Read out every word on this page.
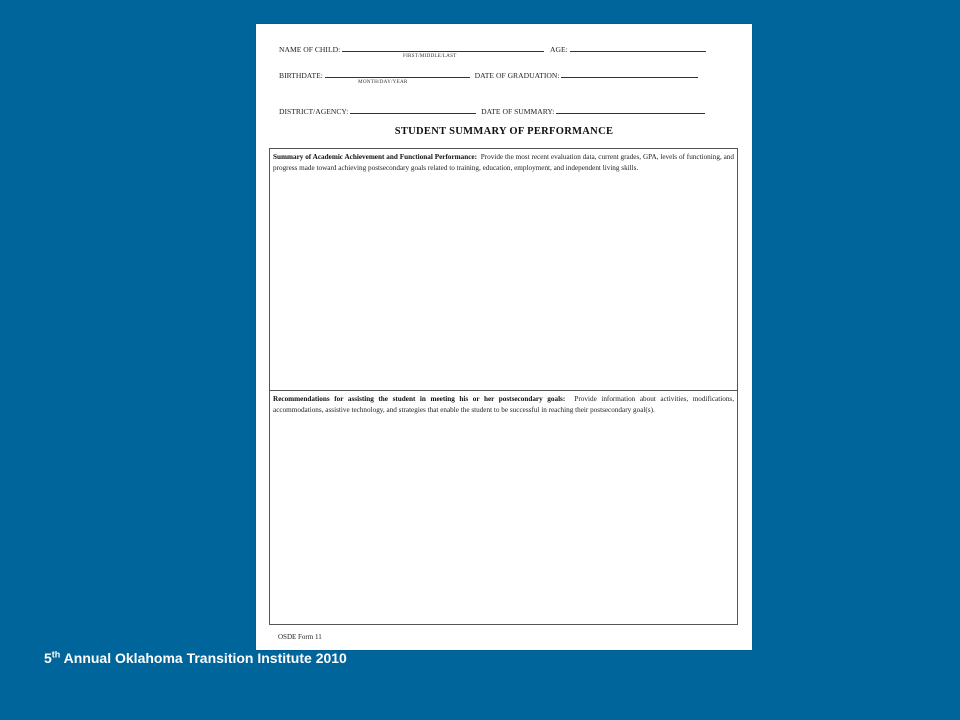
NAME OF CHILD:	AGE:
FIRST/MIDDLE/LAST
BIRTHDATE:	DATE OF GRADUATION:
MONTH/DAY/YEAR
DISTRICT/AGENCY:	DATE OF SUMMARY:
STUDENT SUMMARY OF PERFORMANCE
Summary of Academic Achievement and Functional Performance: Provide the most recent evaluation data, current grades, GPA, levels of functioning, and progress made toward achieving postsecondary goals related to training, education, employment, and independent living skills.
Recommendations for assisting the student in meeting his or her postsecondary goals: Provide information about activities, modifications, accommodations, assistive technology, and strategies that enable the student to be successful in reaching their postsecondary goal(s).
OSDE Form 11
5th Annual Oklahoma Transition Institute 2010
